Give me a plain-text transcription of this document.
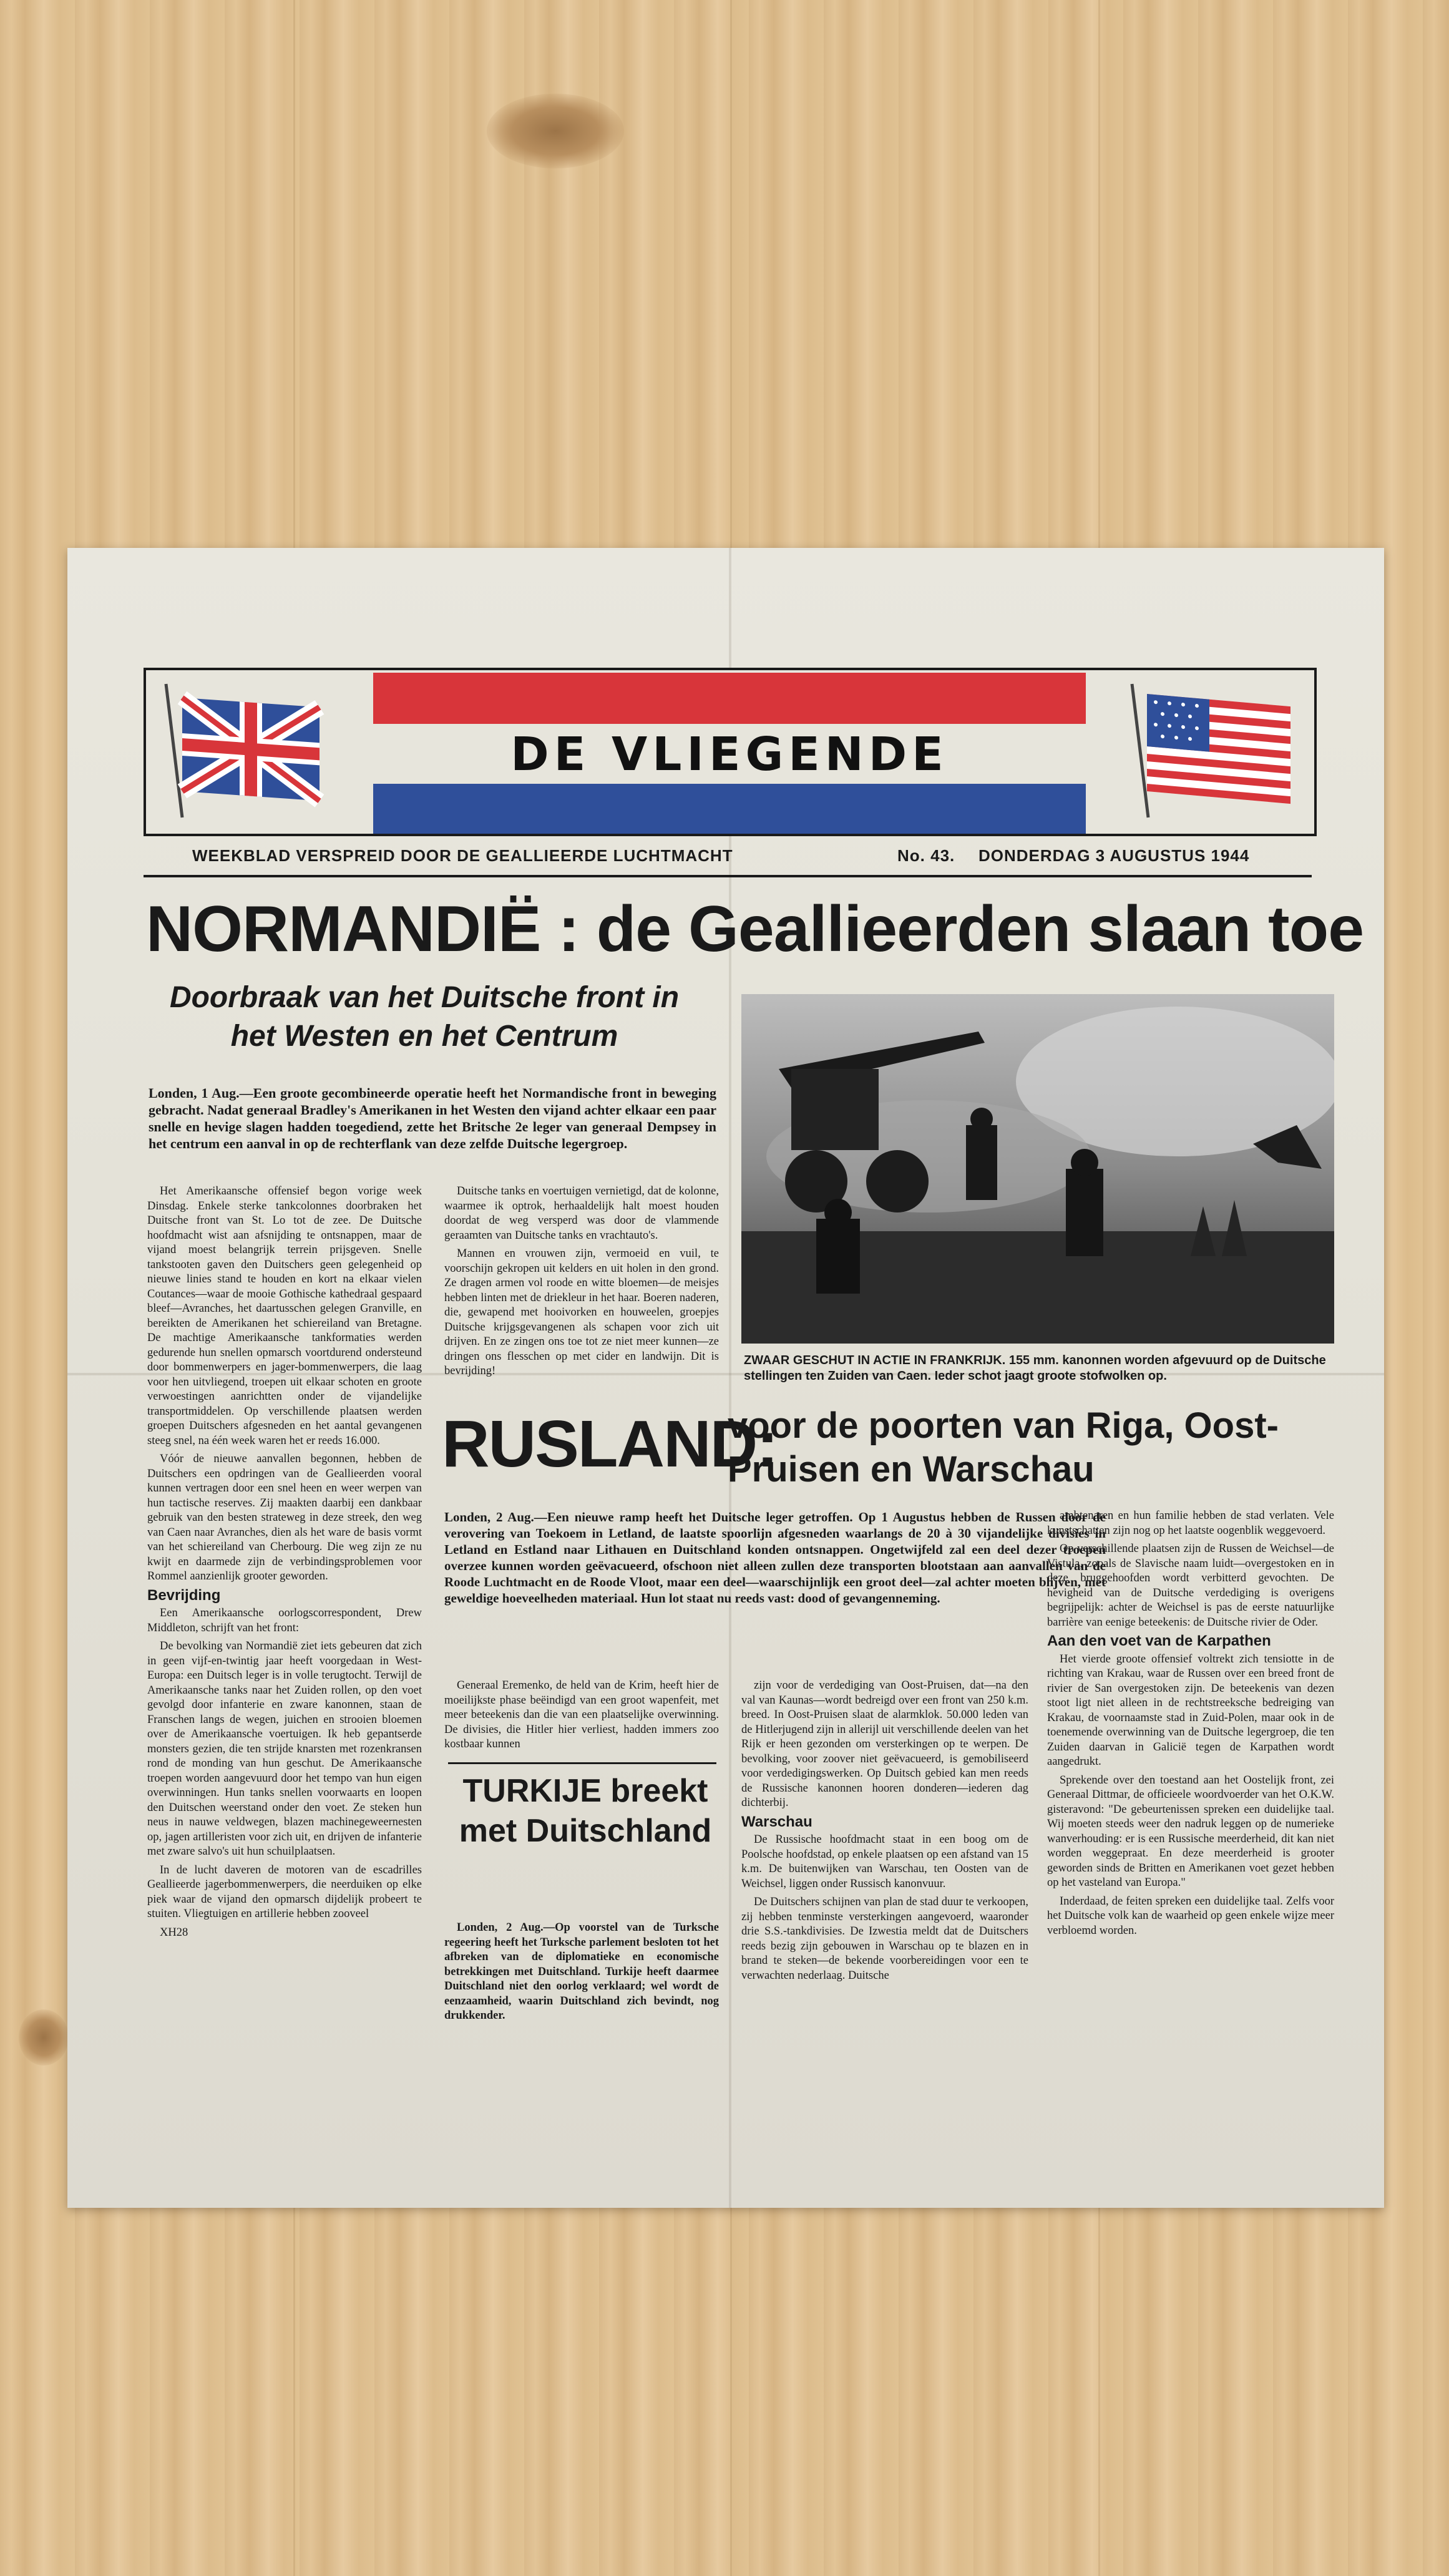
DE VLIEGENDE
WEEKBLAD VERSPREID DOOR DE GEALLIEERDE LUCHTMACHT	No. 43. DONDERDAG 3 AUGUSTUS 1944
NORMANDIË : de Geallieerden slaan toe
Doorbraak van het Duitsche front in het Westen en het Centrum
Londen, 1 Aug.—Een groote gecombineerde operatie heeft het Normandische front in beweging gebracht. Nadat generaal Bradley's Amerikanen in het Westen den vijand achter elkaar een paar snelle en hevige slagen hadden toegediend, zette het Britsche 2e leger van generaal Dempsey in het centrum een aanval in op de rechterflank van deze zelfde Duitsche legergroep.

Het Amerikaansche offensief begon vorige week Dinsdag. Enkele sterke tankcolonnes doorbraken het Duitsche front van St. Lo tot de zee. De Duitsche hoofdmacht wist aan afsnijding te ontsnappen, maar de vijand moest belangrijk terrein prijsgeven. Snelle tankstooten gaven den Duitschers geen gelegenheid op nieuwe linies stand te houden en kort na elkaar vielen Coutances—waar de mooie Gothische kathedraal gespaard bleef—Avranches, het daartusschen gelegen Granville, en bereikten de Amerikanen het schiereiland van Bretagne. De machtige Amerikaansche tankformaties werden gedurende hun snellen opmarsch voortdurend ondersteund door bommenwerpers en jager-bommenwerpers, die laag voor hen uitvliegend, troepen uit elkaar schoten en groote verwoestingen aanrichtten onder de vijandelijke transportmiddelen. Op verschillende plaatsen werden groepen Duitschers afgesneden en het aantal gevangenen steeg snel, na één week waren het er reeds 16.000.

Vóór de nieuwe aanvallen begonnen, hebben de Duitschers een opdringen van de Geallieerden vooral kunnen vertragen door een snel heen en weer werpen van hun tactische reserves. Zij maakten daarbij een dankbaar gebruik van den besten strateweg in deze streek, den weg van Caen naar Avranches, dien als het ware de basis vormt van het schiereiland van Cherbourg. Die weg zijn ze nu kwijt en daarmede zijn de verbindingsproblemen voor Rommel aanzienlijk grooter geworden.

Bevrijding

Een Amerikaansche oorlogscorrespondent, Drew Middleton, schrijft van het front:

De bevolking van Normandië ziet iets gebeuren dat zich in geen vijf-en-twintig jaar heeft voorgedaan in West-Europa: een Duitsch leger is in volle terugtocht. Terwijl de Amerikaansche tanks naar het Zuiden rollen, op den voet gevolgd door infanterie en zware kanonnen, staan de Franschen langs de wegen, juichen en strooien bloemen over de Amerikaansche voertuigen. Ik heb gepantserde monsters gezien, die ten strijde knarsten met rozenkransen rond de monding van hun geschut. De Amerikaansche troepen worden aangevuurd door het tempo van hun eigen overwinningen. Hun tanks snellen voorwaarts en loopen den Duitschen weerstand onder den voet. Ze steken hun neus in nauwe veldwegen, blazen machinegeweernesten op, jagen artilleristen voor zich uit, en drijven de infanterie met zware salvo's uit hun schuilplaatsen.

In de lucht daveren de motoren van de escadrilles Geallieerde jagerbommenwerpers, die neerduiken op elke piek waar de vijand den opmarsch dijdelijk probeert te stuiten. Vliegtuigen en artillerie hebben zooveel

XH28

Duitsche tanks en voertuigen vernietigd, dat de kolonne, waarmee ik optrok, herhaaldelijk halt moest houden doordat de weg versperd was door de vlammende geraamten van Duitsche tanks en vrachtauto's.

Mannen en vrouwen zijn, vermoeid en vuil, te voorschijn gekropen uit kelders en uit holen in den grond. Ze dragen armen vol roode en witte bloemen—de meisjes hebben linten met de driekleur in het haar. Boeren naderen, die, gewapend met hooivorken en houweelen, groepjes Duitsche krijgsgevangenen als schapen voor zich uit drijven. En ze zingen ons toe tot ze niet meer kunnen—ze dringen ons flesschen op met cider en landwijn. Dit is bevrijding!

ZWAAR GESCHUT IN ACTIE IN FRANKRIJK. 155 mm. kanonnen worden afgevuurd op de Duitsche stellingen ten Zuiden van Caen. Ieder schot jaagt groote stofwolken op.
RUSLAND:
voor de poorten van Riga, Oost-Pruisen en Warschau
Londen, 2 Aug.—Een nieuwe ramp heeft het Duitsche leger getroffen. Op 1 Augustus hebben de Russen door de verovering van Toekoem in Letland, de laatste spoorlijn afgesneden waarlangs de 20 à 30 vijandelijke divisies in Letland en Estland naar Lithauen en Duitschland konden ontsnappen. Ongetwijfeld zal een deel dezer troepen overzee kunnen worden geëvacueerd, ofschoon niet alleen zullen deze transporten blootstaan aan aanvallen van de Roode Luchtmacht en de Roode Vloot, maar een deel—waarschijnlijk een groot deel—zal achter moeten blijven, met geweldige hoeveelheden materiaal. Hun lot staat nu reeds vast: dood of gevangenneming.

Generaal Eremenko, de held van de Krim, heeft hier de moeilijkste phase beëindigd van een groot wapenfeit, met meer beteekenis dan die van een plaatselijke overwinning. De divisies, die Hitler hier verliest, hadden immers zoo kostbaar kunnen

TURKIJE breekt met Duitschland

Londen, 2 Aug.—Op voorstel van de Turksche regeering heeft het Turksche parlement besloten tot het afbreken van de diplomatieke en economische betrekkingen met Duitschland. Turkije heeft daarmee Duitschland niet den oorlog verklaard; wel wordt de eenzaamheid, waarin Duitschland zich bevindt, nog drukkender.

zijn voor de verdediging van Oost-Pruisen, dat—na den val van Kaunas—wordt bedreigd over een front van 250 k.m. breed. In Oost-Pruisen slaat de alarmklok. 50.000 leden van de Hitlerjugend zijn in allerijl uit verschillende deelen van het Rijk er heen gezonden om versterkingen op te werpen. De bevolking, voor zoover niet geëvacueerd, is gemobiliseerd voor verdedigingswerken. Op Duitsch gebied kan men reeds de Russische kanonnen hooren donderen—iederen dag dichterbij.

Warschau

De Russische hoofdmacht staat in een boog om de Poolsche hoofdstad, op enkele plaatsen op een afstand van 15 k.m. De buitenwijken van Warschau, ten Oosten van de Weichsel, liggen onder Russisch kanonvuur.

De Duitschers schijnen van plan de stad duur te verkoopen, zij hebben tenminste versterkingen aangevoerd, waaronder drie S.S.-tankdivisies. De Izwestia meldt dat de Duitschers reeds bezig zijn gebouwen in Warschau op te blazen en in brand te steken—de bekende voorbereidingen voor een te verwachten nederlaag. Duitsche

ambtenaren en hun familie hebben de stad verlaten. Vele kunstschatten zijn nog op het laatste oogenblik weggevoerd.

Op verschillende plaatsen zijn de Russen de Weichsel—de Vistula, zooals de Slavische naam luidt—overgestoken en in deze bruggehoofden wordt verbitterd gevochten. De hevigheid van de Duitsche verdediging is overigens begrijpelijk: achter de Weichsel is pas de eerste natuurlijke barrière van eenige beteekenis: de Duitsche rivier de Oder.

Aan den voet van de Karpathen

Het vierde groote offensief voltrekt zich tensiotte in de richting van Krakau, waar de Russen over een breed front de rivier de San overgestoken zijn. De beteekenis van dezen stoot ligt niet alleen in de rechtstreeksche bedreiging van Krakau, de voornaamste stad in Zuid-Polen, maar ook in de toenemende overwinning van de Duitsche legergroep, die ten Zuiden daarvan in Galicië tegen de Karpathen wordt aangedrukt.

Sprekende over den toestand aan het Oostelijk front, zei Generaal Dittmar, de officieele woordvoerder van het O.K.W. gisteravond: "De gebeurtenissen spreken een duidelijke taal. Wij moeten steeds weer den nadruk leggen op de numerieke wanverhouding: er is een Russische meerderheid, dit kan niet worden weggepraat. En deze meerderheid is grooter geworden sinds de Britten en Amerikanen voet gezet hebben op het vasteland van Europa."

Inderdaad, de feiten spreken een duidelijke taal. Zelfs voor het Duitsche volk kan de waarheid op geen enkele wijze meer verbloemd worden.
